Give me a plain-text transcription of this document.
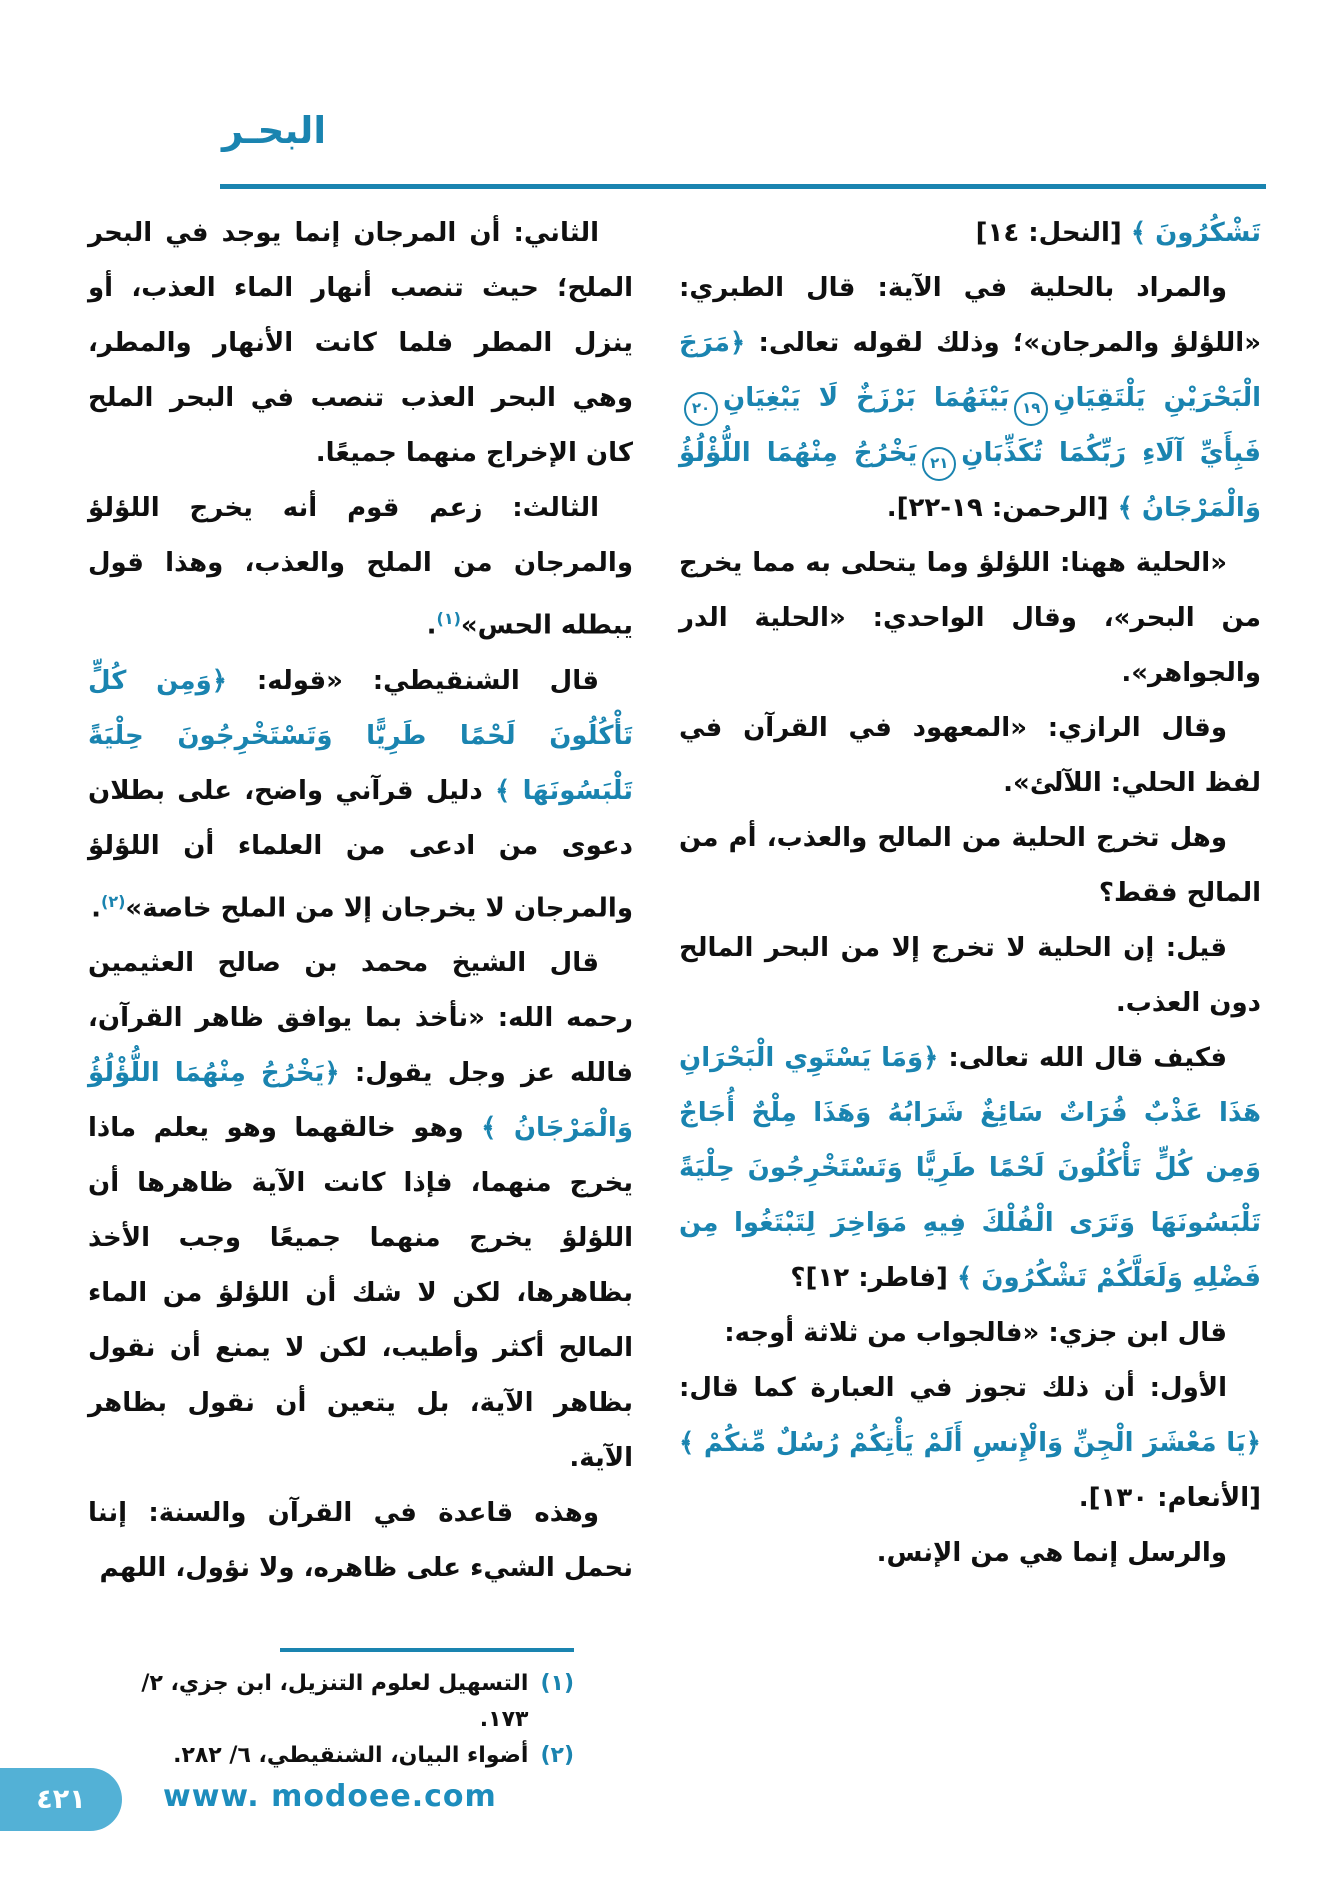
البحـر

تَشْكُرُونَ ﴾ [النحل: ١٤]

والمراد بالحلية في الآية: قال الطبري: «اللؤلؤ والمرجان»؛ وذلك لقوله تعالى: ﴿مَرَجَ الْبَحْرَيْنِ يَلْتَقِيَانِ١٩بَيْنَهُمَا بَرْزَخٌ لَا يَبْغِيَانِ٢٠فَبِأَيِّ آلَاءِ رَبِّكُمَا تُكَذِّبَانِ٢١يَخْرُجُ مِنْهُمَا اللُّؤْلُؤُ وَالْمَرْجَانُ ﴾ [الرحمن: ‎١٩-٢٢‎].

«الحلية ههنا: اللؤلؤ وما يتحلى به مما يخرج من البحر»، وقال الواحدي: «الحلية الدر والجواهر».

وقال الرازي: «المعهود في القرآن في لفظ الحلي: اللآلئ».

وهل تخرج الحلية من المالح والعذب، أم من المالح فقط؟

قيل: إن الحلية لا تخرج إلا من البحر المالح دون العذب.

فكيف قال الله تعالى: ﴿وَمَا يَسْتَوِي الْبَحْرَانِ هَذَا عَذْبٌ فُرَاتٌ سَائِغٌ شَرَابُهُ وَهَذَا مِلْحٌ أُجَاجٌ وَمِن كُلٍّ تَأْكُلُونَ لَحْمًا طَرِيًّا وَتَسْتَخْرِجُونَ حِلْيَةً تَلْبَسُونَهَا وَتَرَى الْفُلْكَ فِيهِ مَوَاخِرَ لِتَبْتَغُوا مِن فَضْلِهِ وَلَعَلَّكُمْ تَشْكُرُونَ ﴾ [فاطر: ١٢]؟

قال ابن جزي: «فالجواب من ثلاثة أوجه:

الأول: أن ذلك تجوز في العبارة كما قال: ﴿يَا مَعْشَرَ الْجِنِّ وَالْإِنسِ أَلَمْ يَأْتِكُمْ رُسُلٌ مِّنكُمْ ﴾ [الأنعام: ١٣٠].

والرسل إنما هي من الإنس.

الثاني: أن المرجان إنما يوجد في البحر الملح؛ حيث تنصب أنهار الماء العذب، أو ينزل المطر فلما كانت الأنهار والمطر، وهي البحر العذب تنصب في البحر الملح كان الإخراج منهما جميعًا.

الثالث: زعم قوم أنه يخرج اللؤلؤ والمرجان من الملح والعذب، وهذا قول يبطله الحس»$^{(١)}$.

قال الشنقيطي: «قوله: ﴿وَمِن كُلٍّ تَأْكُلُونَ لَحْمًا طَرِيًّا وَتَسْتَخْرِجُونَ حِلْيَةً تَلْبَسُونَهَا ﴾ دليل قرآني واضح، على بطلان دعوى من ادعى من العلماء أن اللؤلؤ والمرجان لا يخرجان إلا من الملح خاصة»$^{(٢)}$.

قال الشيخ محمد بن صالح العثيمين رحمه الله: «نأخذ بما يوافق ظاهر القرآن، فالله عز وجل يقول: ﴿يَخْرُجُ مِنْهُمَا اللُّؤْلُؤُ وَالْمَرْجَانُ ﴾ وهو خالقهما وهو يعلم ماذا يخرج منهما، فإذا كانت الآية ظاهرها أن اللؤلؤ يخرج منهما جميعًا وجب الأخذ بظاهرها، لكن لا شك أن اللؤلؤ من الماء المالح أكثر وأطيب، لكن لا يمنع أن نقول بظاهر الآية، بل يتعين أن نقول بظاهر الآية.

وهذه قاعدة في القرآن والسنة: إننا نحمل الشيء على ظاهره، ولا نؤول، اللهم

(١)
التسهيل لعلوم التنزيل، ابن جزي، ٢/ ١٧٣.
(٢)
أضواء البيان، الشنقيطي، ٦/ ٢٨٢.
٤٢١	www. modoee.com
